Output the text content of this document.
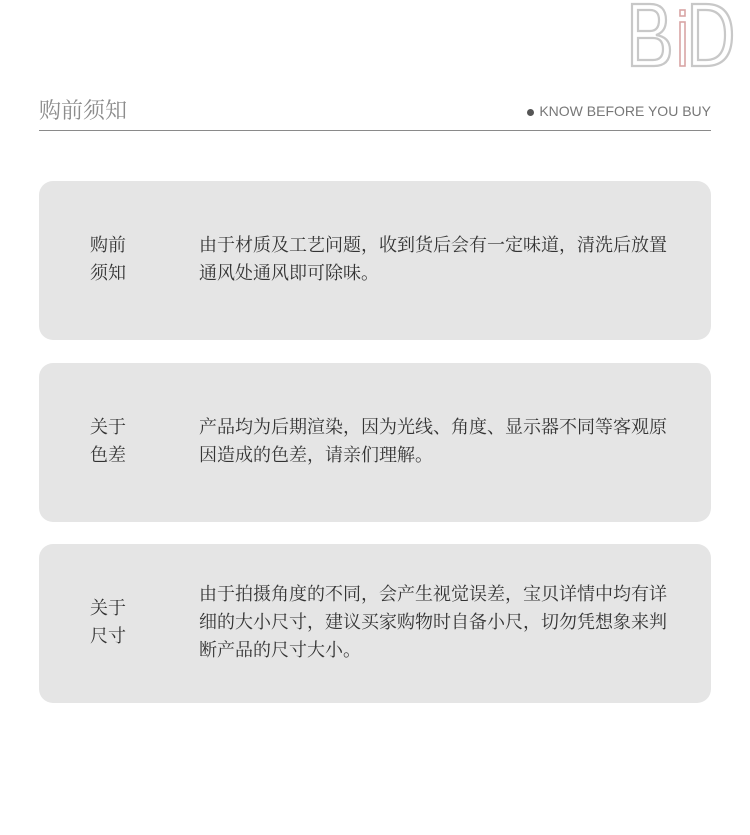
购前须知	KNOW BEFORE YOU BUY
购前
须知
由于材质及工艺问题，收到货后会有一定味道，清洗后放置通风处通风即可除味。
关于
色差
产品均为后期渲染，因为光线、角度、显示器不同等客观原因造成的色差，请亲们理解。
关于
尺寸
由于拍摄角度的不同，会产生视觉误差，宝贝详情中均有详细的大小尺寸，建议买家购物时自备小尺，切勿凭想象来判断产品的尺寸大小。
